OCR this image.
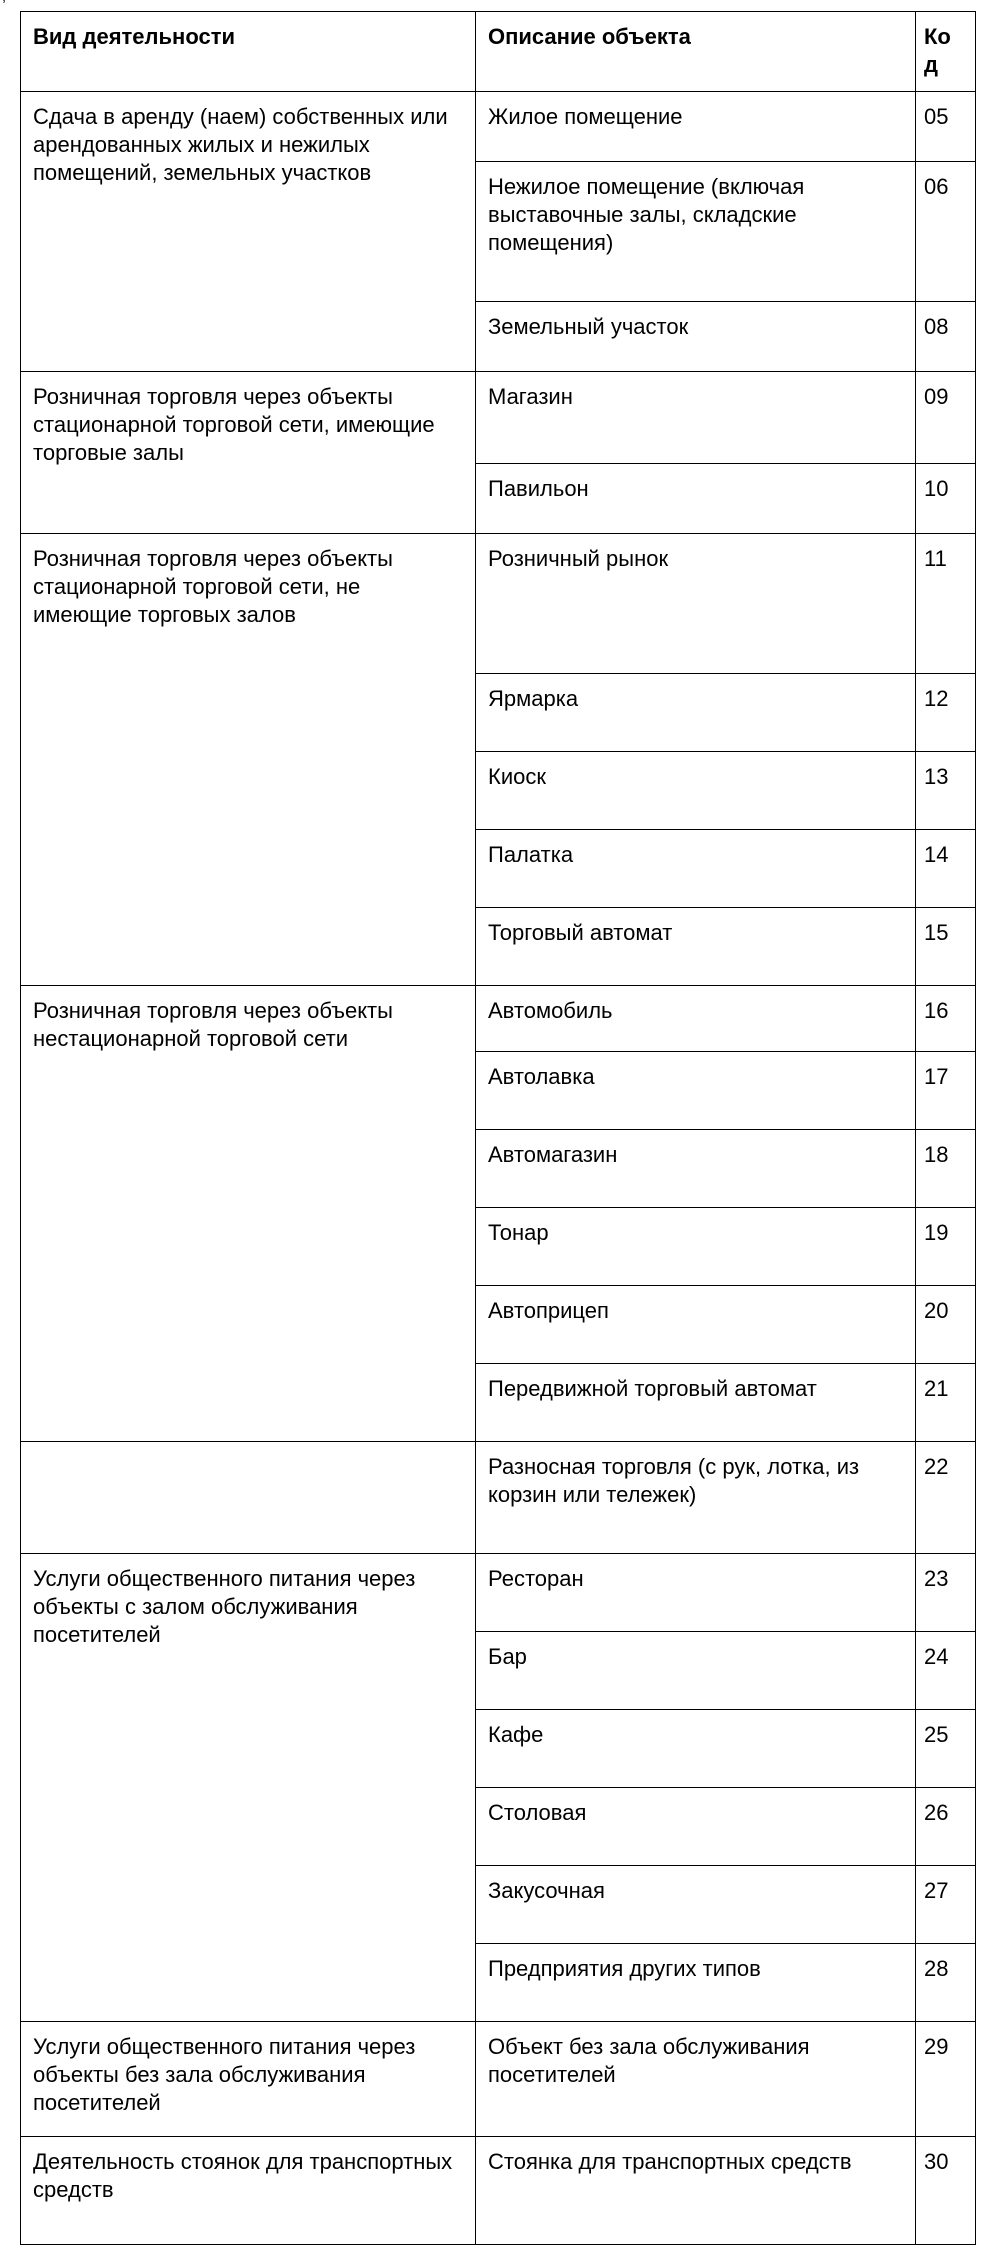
’
Вид деятельности	Описание объекта	Код
Сдача в аренду (наем) собственных или арендованных жилых и нежилых помещений, земельных участков	Жилое помещение	05
	Нежилое помещение (включая выставочные залы, складские помещения)	06
	Земельный участок	08
Розничная торговля через объекты стационарной торговой сети, имеющие торговые залы	Магазин	09
	Павильон	10
Розничная торговля через объекты стационарной торговой сети, не имеющие торговых залов	Розничный рынок	11
	Ярмарка	12
	Киоск	13
	Палатка	14
	Торговый автомат	15
Розничная торговля через объекты нестационарной торговой сети	Автомобиль	16
	Автолавка	17
	Автомагазин	18
	Тонар	19
	Автоприцеп	20
	Передвижной торговый автомат	21
	Разносная торговля (с рук, лотка, из корзин или тележек)	22
Услуги общественного питания через объекты с залом обслуживания посетителей	Ресторан	23
	Бар	24
	Кафе	25
	Столовая	26
	Закусочная	27
	Предприятия других типов	28
Услуги общественного питания через объекты без зала обслуживания посетителей	Объект без зала обслуживания посетителей	29
Деятельность стоянок для транспортных средств	Стоянка для транспортных средств	30
